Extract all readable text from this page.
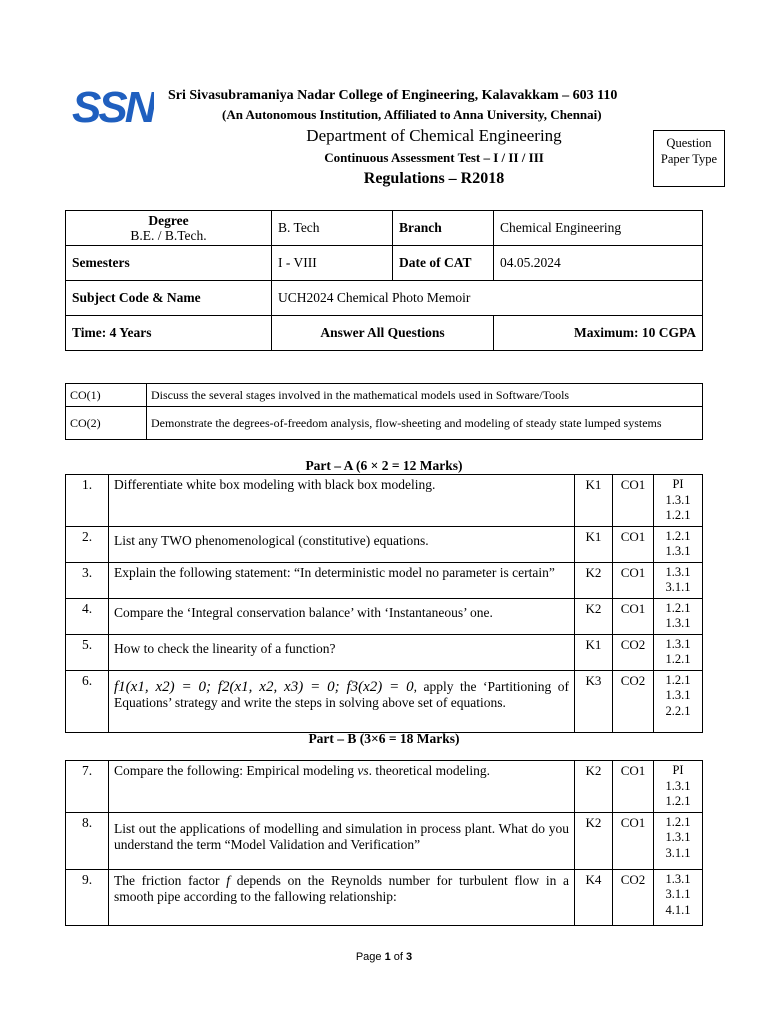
SSN	Sri Sivasubramaniya Nadar College of Engineering, Kalavakkam – 603 110
(An Autonomous Institution, Affiliated to Anna University, Chennai)
Department of Chemical Engineering
Continuous Assessment Test – I / II / III
Regulations – R2018
Question Paper Type
Degree
B.E. / B.Tech.	B. Tech	Branch	Chemical Engineering
Semesters	I - VIII	Date of CAT	04.05.2024
Subject Code & Name	UCH2024 Chemical Photo Memoir		
Time: 4 Years	Answer All Questions		Maximum: 10 CGPA
CO(1)	Discuss the several stages involved in the mathematical models used in Software/Tools
CO(2)	Demonstrate the degrees-of-freedom analysis, flow-sheeting and modeling of steady state lumped systems
Part – A (6 × 2 = 12 Marks)
1.	Differentiate white box modeling with black box modeling.	K1	CO1	PI
1.3.1
1.2.1
2.	List any TWO phenomenological (constitutive) equations.	K1	CO1	1.2.1
1.3.1
3.	Explain the following statement: “In deterministic model no parameter is certain”	K2	CO1	1.3.1
3.1.1
4.	Compare the ‘Integral conservation balance’ with ‘Instantaneous’ one.	K2	CO1	1.2.1
1.3.1
5.	How to check the linearity of a function?	K1	CO2	1.3.1
1.2.1
6.	f1(x1, x2) = 0; f2(x1, x2, x3) = 0; f3(x2) = 0, apply the ‘Partitioning of Equations’ strategy and write the steps in solving above set of equations.	K3	CO2	1.2.1
1.3.1
2.2.1
Part – B (3×6 = 18 Marks)
7.	Compare the following: Empirical modeling vs. theoretical modeling.	K2	CO1	PI
1.3.1
1.2.1
8.	List out the applications of modelling and simulation in process plant. What do you understand the term “Model Validation and Verification”	K2	CO1	1.2.1
1.3.1
3.1.1
9.	The friction factor f depends on the Reynolds number for turbulent flow in a smooth pipe according to the fallowing relationship:	K4	CO2	1.3.1
3.1.1
4.1.1
Page 1 of 3
